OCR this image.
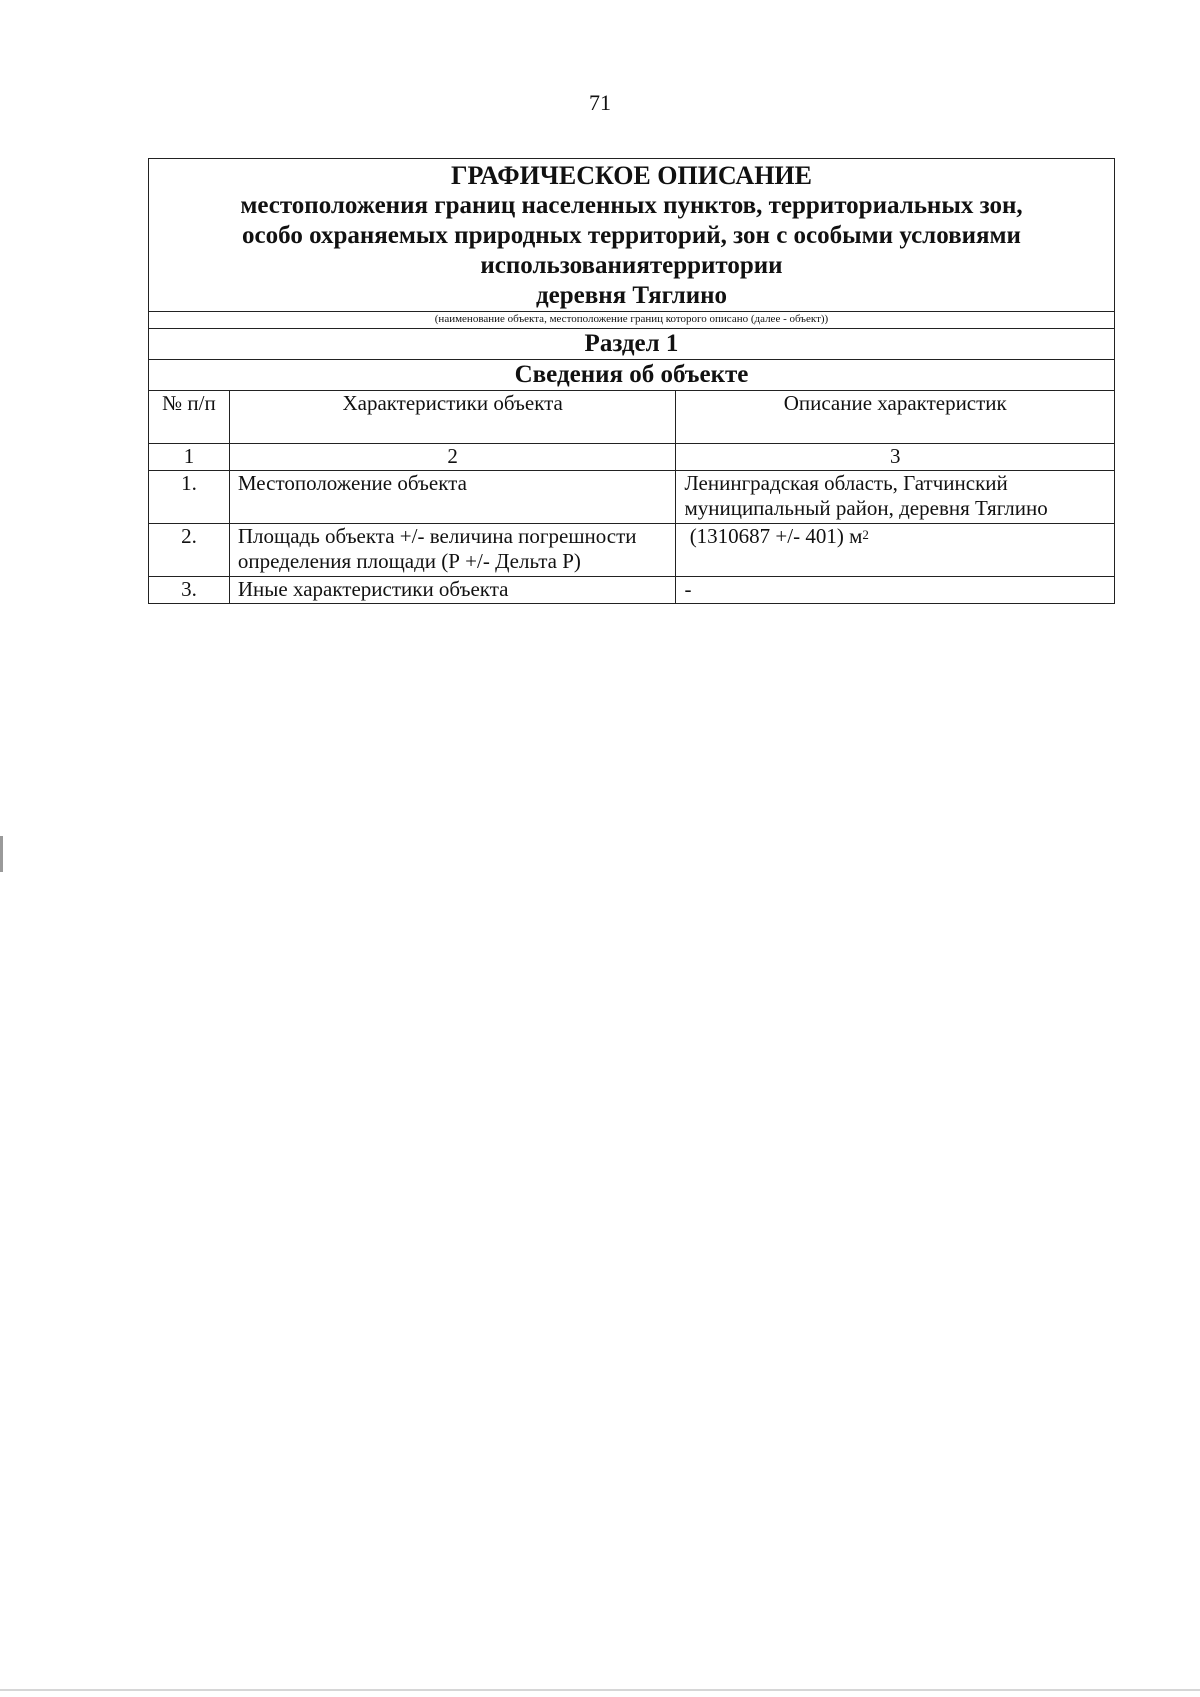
71
ГРАФИЧЕСКОЕ ОПИСАНИЕ
местоположения границ населенных пунктов, территориальных зон,
особо охраняемых природных территорий, зон с особыми условиями
использованиятерритории
деревня Тяглино		

(наименование объекта, местоположение границ которого описано (далее - объект))		
Раздел 1		
Сведения об объекте		
№ п/п	Характеристики объекта	Описание характеристик
1	2	3
1.	Местоположение объекта	Ленинградская область, Гатчинский муниципальный район, деревня Тяглино
2.	Площадь объекта +/- величина погрешности определения площади (Р +/- Дельта Р)	(1310687 +/- 401) $м^2$
3.	Иные характеристики объекта	-
